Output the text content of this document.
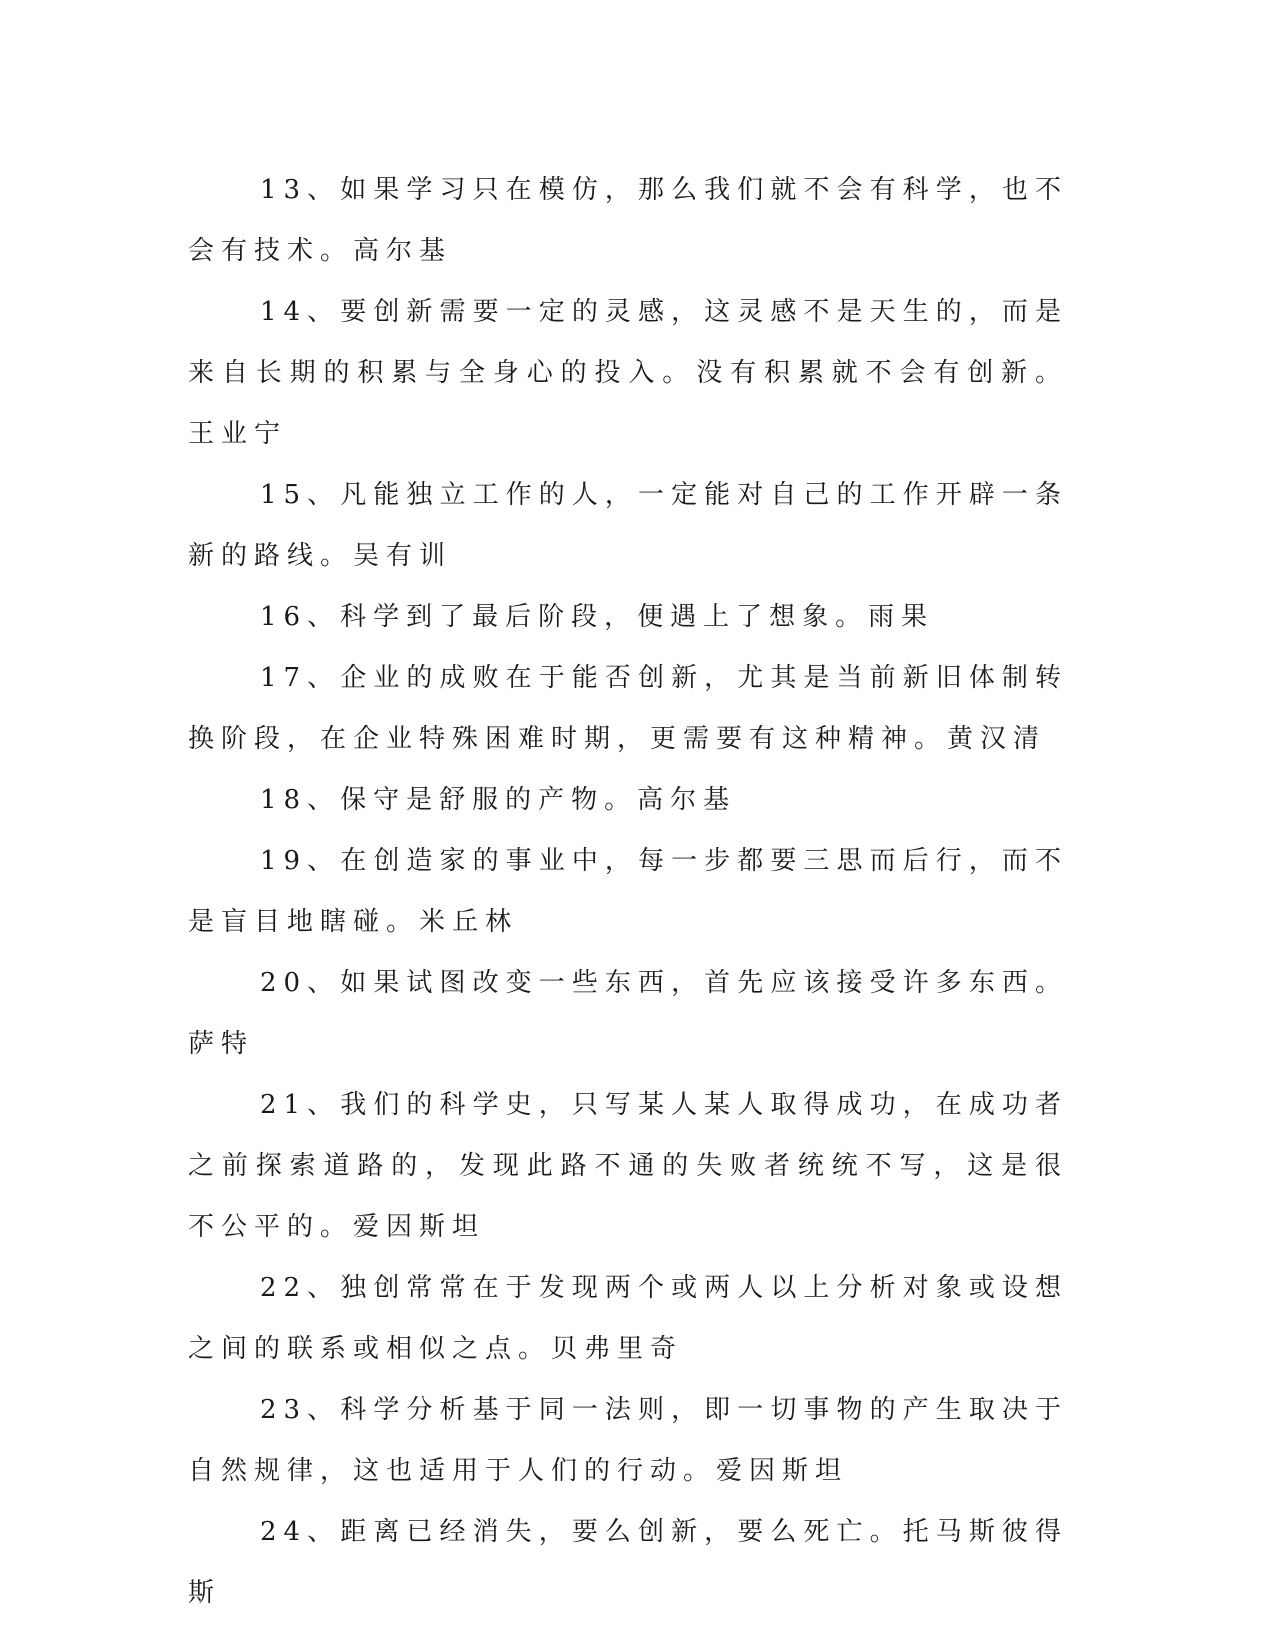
13、如果学习只在模仿，那么我们就不会有科学，也不会有技术。高尔基

14、要创新需要一定的灵感，这灵感不是天生的，而是来自长期的积累与全身心的投入。没有积累就不会有创新。王业宁

15、凡能独立工作的人，一定能对自己的工作开辟一条新的路线。吴有训

16、科学到了最后阶段，便遇上了想象。雨果

17、企业的成败在于能否创新，尤其是当前新旧体制转换阶段，在企业特殊困难时期，更需要有这种精神。黄汉清

18、保守是舒服的产物。高尔基

19、在创造家的事业中，每一步都要三思而后行，而不是盲目地瞎碰。米丘林

20、如果试图改变一些东西，首先应该接受许多东西。萨特

21、我们的科学史，只写某人某人取得成功，在成功者之前探索道路的，发现此路不通的失败者统统不写，这是很不公平的。爱因斯坦

22、独创常常在于发现两个或两人以上分析对象或设想之间的联系或相似之点。贝弗里奇

23、科学分析基于同一法则，即一切事物的产生取决于自然规律，这也适用于人们的行动。爱因斯坦

24、距离已经消失，要么创新，要么死亡。托马斯彼得斯
